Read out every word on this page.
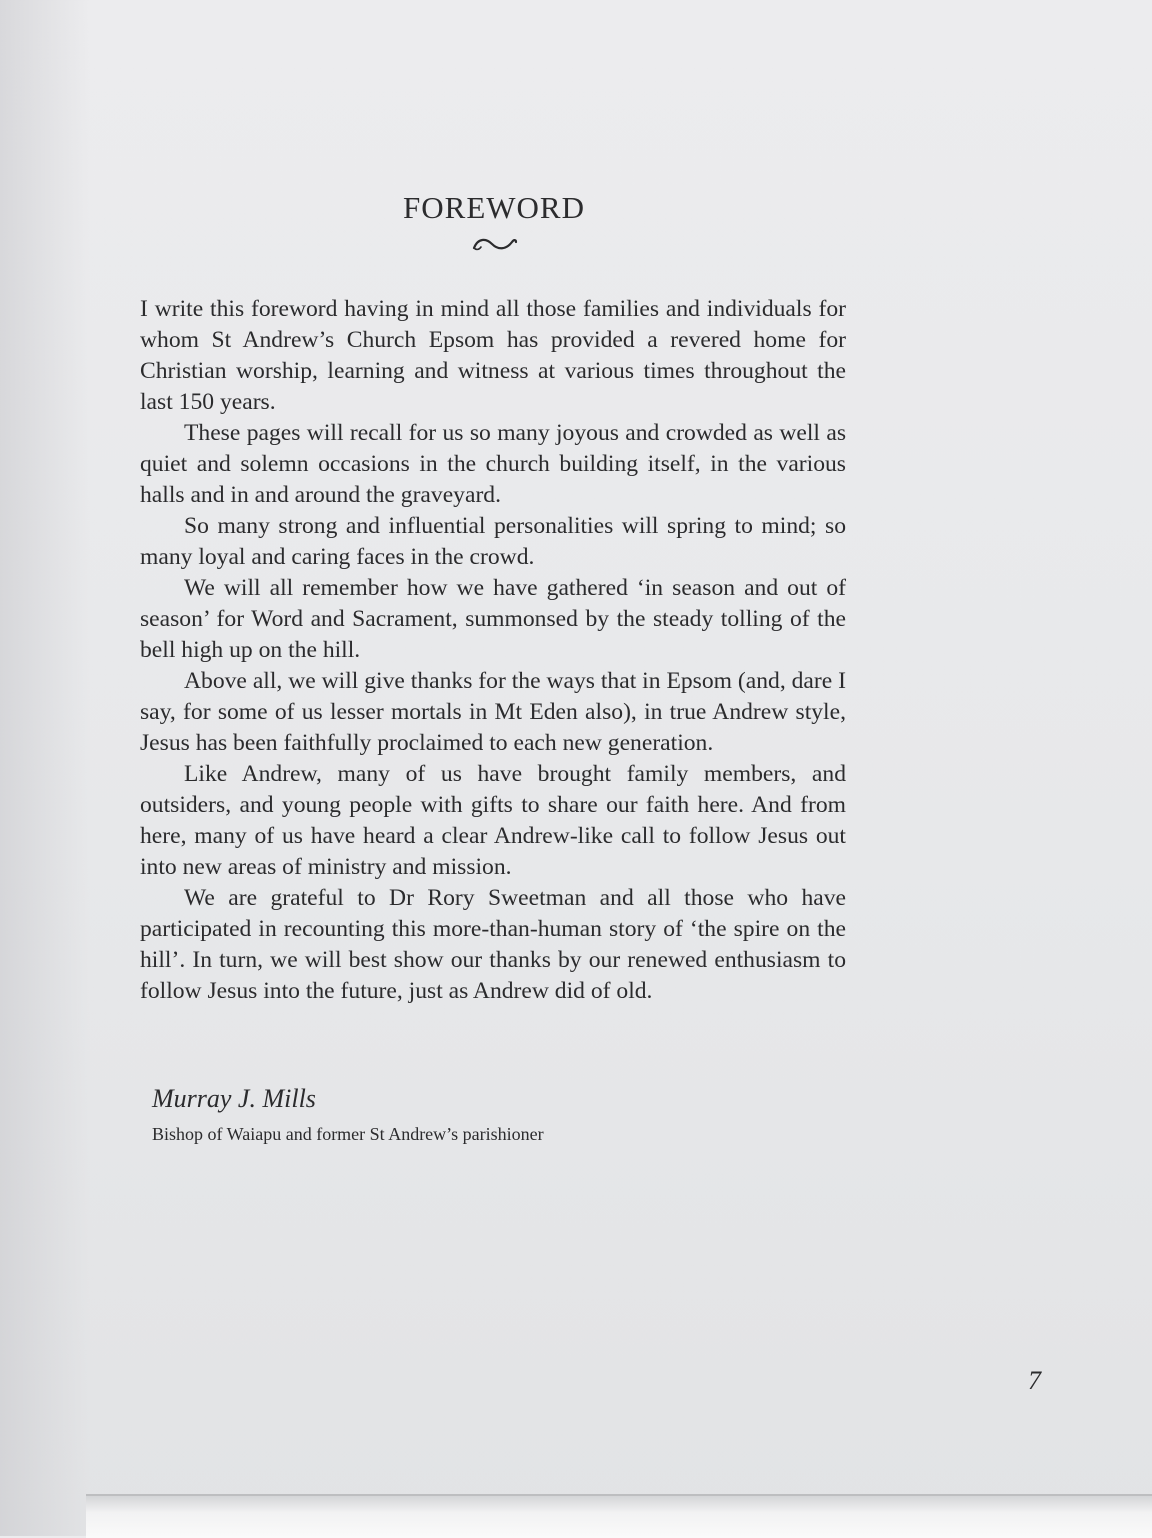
FOREWORD

I write this foreword having in mind all those families and individuals for whom St Andrew’s Church Epsom has provided a revered home for Christian worship, learning and witness at various times throughout the last 150 years.

These pages will recall for us so many joyous and crowded as well as quiet and solemn occasions in the church building itself, in the various halls and in and around the graveyard.

So many strong and influential personalities will spring to mind; so many loyal and caring faces in the crowd.

We will all remember how we have gathered ‘in season and out of season’ for Word and Sacrament, summonsed by the steady tolling of the bell high up on the hill.

Above all, we will give thanks for the ways that in Epsom (and, dare I say, for some of us lesser mortals in Mt Eden also), in true Andrew style, Jesus has been faithfully proclaimed to each new generation.

Like Andrew, many of us have brought family members, and outsiders, and young people with gifts to share our faith here. And from here, many of us have heard a clear Andrew-like call to follow Jesus out into new areas of ministry and mission.

We are grateful to Dr Rory Sweetman and all those who have participated in recounting this more-than-human story of ‘the spire on the hill’. In turn, we will best show our thanks by our renewed enthusiasm to follow Jesus into the future, just as Andrew did of old.

Murray J. Mills
Bishop of Waiapu and former St Andrew’s parishioner
7
